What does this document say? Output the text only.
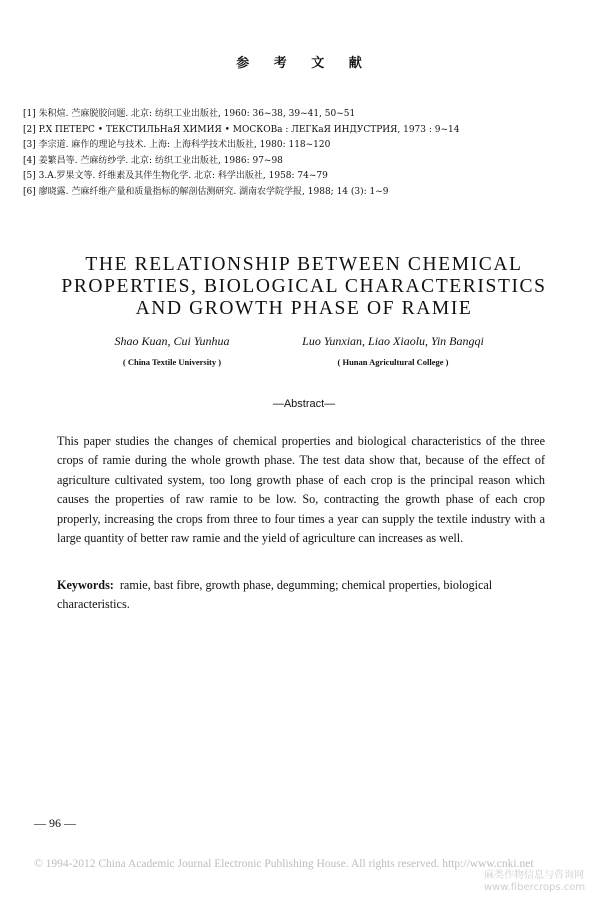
参 考 文 献
[1] 朱积煊. 苎麻脱胶问题. 北京: 纺织工业出版社, 1960: 36~38, 39~41, 50~51
[2] P.X ПЕТЕРС • ТЕКСТИЛЬНаЯ ХИМИЯ • МОСКОВа : ЛЕГКаЯ ИНДУСТРИЯ, 1973 : 9~14
[3] 李宗道. 麻作的理论与技术. 上海: 上海科学技术出版社, 1980: 118~120
[4] 姜繁昌等. 苎麻纺纱学. 北京: 纺织工业出版社, 1986: 97~98
[5] 3.A.罗果文等. 纤维素及其伴生物化学. 北京: 科学出版社, 1958: 74~79
[6] 廖晓露. 苎麻纤维产量和质量指标的解剖估测研究. 湖南农学院学报, 1988; 14 (3): 1~9
THE RELATIONSHIP BETWEEN CHEMICAL
PROPERTIES, BIOLOGICAL CHARACTERISTICS
AND GROWTH PHASE OF RAMIE
Shao Kuan, Cui Yunhua
( China Textile University )
Luo Yunxian, Liao Xiaolu, Yin Bangqi
( Hunan Agricultural College )
—Abstract—

This paper studies the changes of chemical properties and biological characteristics of the three crops of ramie during the whole growth phase. The test data show that, because of the effect of agriculture cultivated system, too long growth phase of each crop is the principal reason which causes the properties of raw ramie to be low. So, contracting the growth phase of each crop properly, increasing the crops from three to four times a year can supply the textile industry with a large quantity of better raw ramie and the yield of agriculture can increases as well.

Keywords: ramie, bast fibre, growth phase, degumming; chemical properties, biological characteristics.
— 96 —
© 1994-2012 China Academic Journal Electronic Publishing House. All rights reserved. http://www.cnki.net
麻类作物信息与咨询网
www.fibercrops.com
